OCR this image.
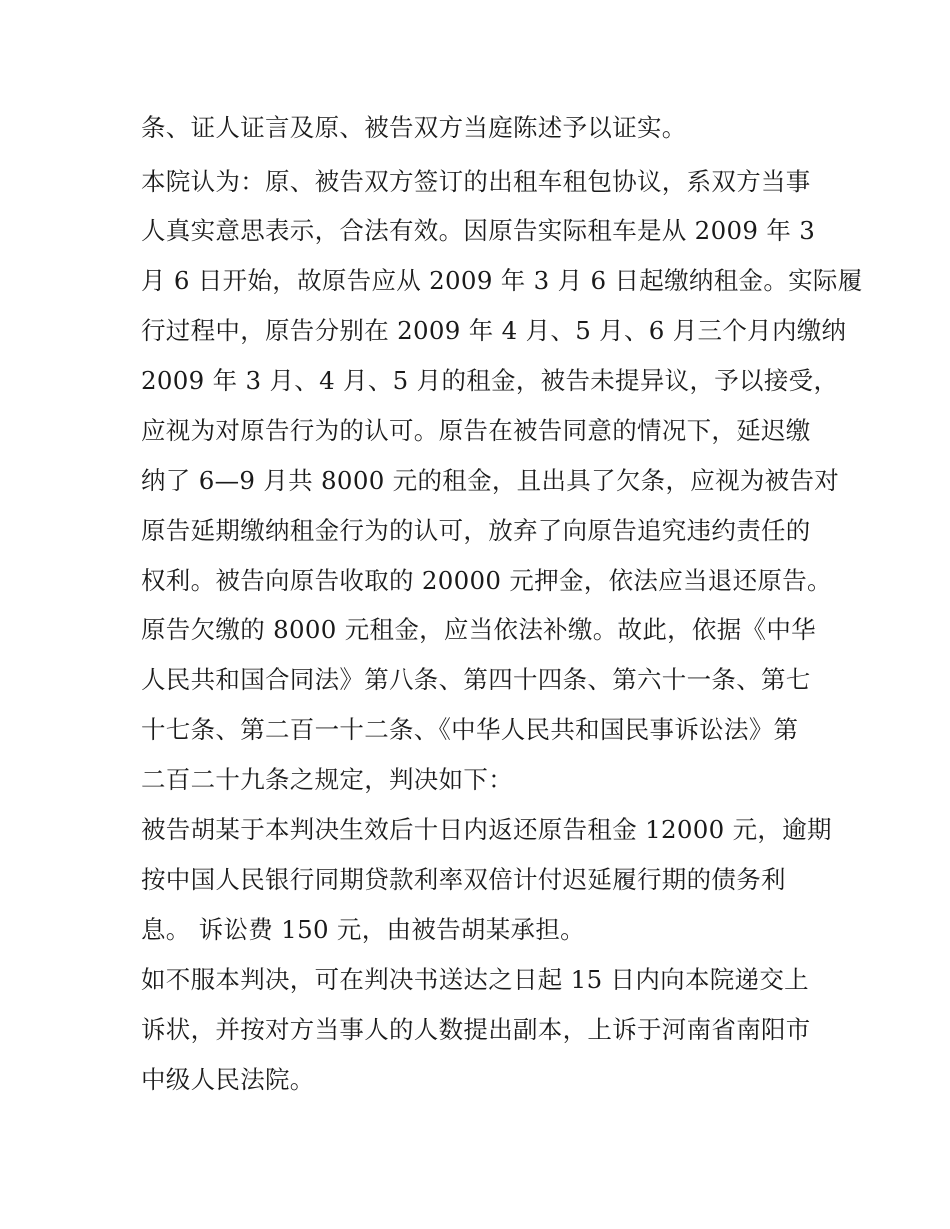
条、证人证言及原、被告双方当庭陈述予以证实。
本院认为：原、被告双方签订的出租车租包协议，系双方当事
人真实意思表示，合法有效。因原告实际租车是从 2009 年 3
月 6 日开始，故原告应从 2009 年 3 月 6 日起缴纳租金。实际履
行过程中，原告分别在 2009 年 4 月、5 月、6 月三个月内缴纳
2009 年 3 月、4 月、5 月的租金，被告未提异议，予以接受，
应视为对原告行为的认可。原告在被告同意的情况下，延迟缴
纳了 6—9 月共 8000 元的租金，且出具了欠条，应视为被告对
原告延期缴纳租金行为的认可，放弃了向原告追究违约责任的
权利。被告向原告收取的 20000 元押金，依法应当退还原告。
原告欠缴的 8000 元租金，应当依法补缴。故此，依据《中华
人民共和国合同法》第八条、第四十四条、第六十一条、第七
十七条、第二百一十二条、《中华人民共和国民事诉讼法》第
二百二十九条之规定，判决如下：
被告胡某于本判决生效后十日内返还原告租金 12000 元，逾期
按中国人民银行同期贷款利率双倍计付迟延履行期的债务利
息。 诉讼费 150 元，由被告胡某承担。
如不服本判决，可在判决书送达之日起 15 日内向本院递交上
诉状，并按对方当事人的人数提出副本，上诉于河南省南阳市
中级人民法院。
